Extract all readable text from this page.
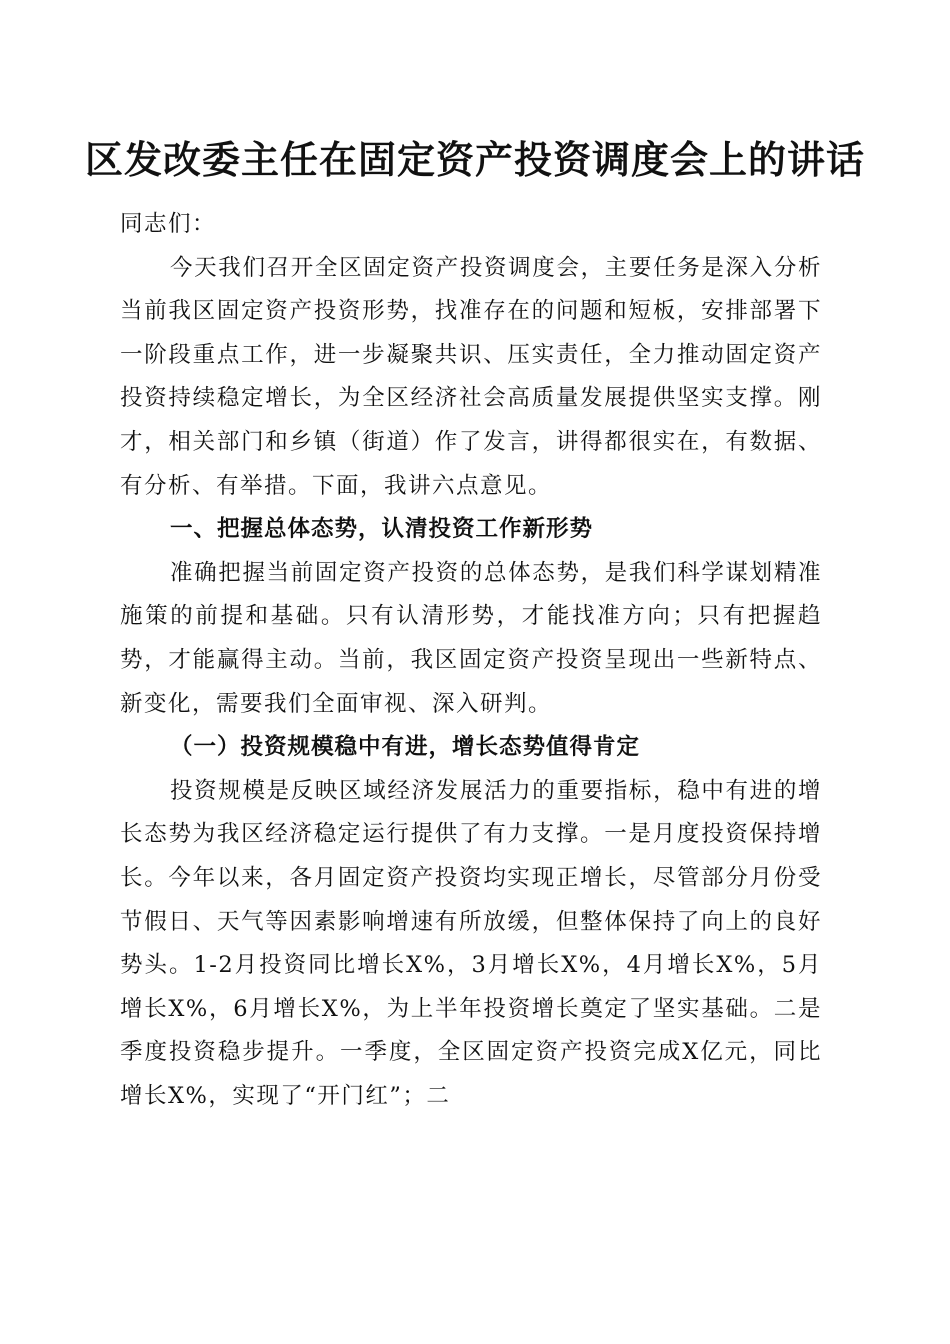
区发改委主任在固定资产投资调度会上的讲话

同志们：

今天我们召开全区固定资产投资调度会，主要任务是深入分析当前我区固定资产投资形势，找准存在的问题和短板，安排部署下一阶段重点工作，进一步凝聚共识、压实责任，全力推动固定资产投资持续稳定增长，为全区经济社会高质量发展提供坚实支撑。刚才，相关部门和乡镇（街道）作了发言，讲得都很实在，有数据、有分析、有举措。下面，我讲六点意见。

一、把握总体态势，认清投资工作新形势

准确把握当前固定资产投资的总体态势，是我们科学谋划精准施策的前提和基础。只有认清形势，才能找准方向；只有把握趋势，才能赢得主动。当前，我区固定资产投资呈现出一些新特点、新变化，需要我们全面审视、深入研判。

（一）投资规模稳中有进，增长态势值得肯定

投资规模是反映区域经济发展活力的重要指标，稳中有进的增长态势为我区经济稳定运行提供了有力支撑。一是月度投资保持增长。今年以来，各月固定资产投资均实现正增长，尽管部分月份受节假日、天气等因素影响增速有所放缓，但整体保持了向上的良好势头。1-2月投资同比增长X%，3月增长X%，4月增长X%，5月增长X%，6月增长X%，为上半年投资增长奠定了坚实基础。二是季度投资稳步提升。一季度，全区固定资产投资完成X亿元，同比增长X%，实现了“开门红”；二
